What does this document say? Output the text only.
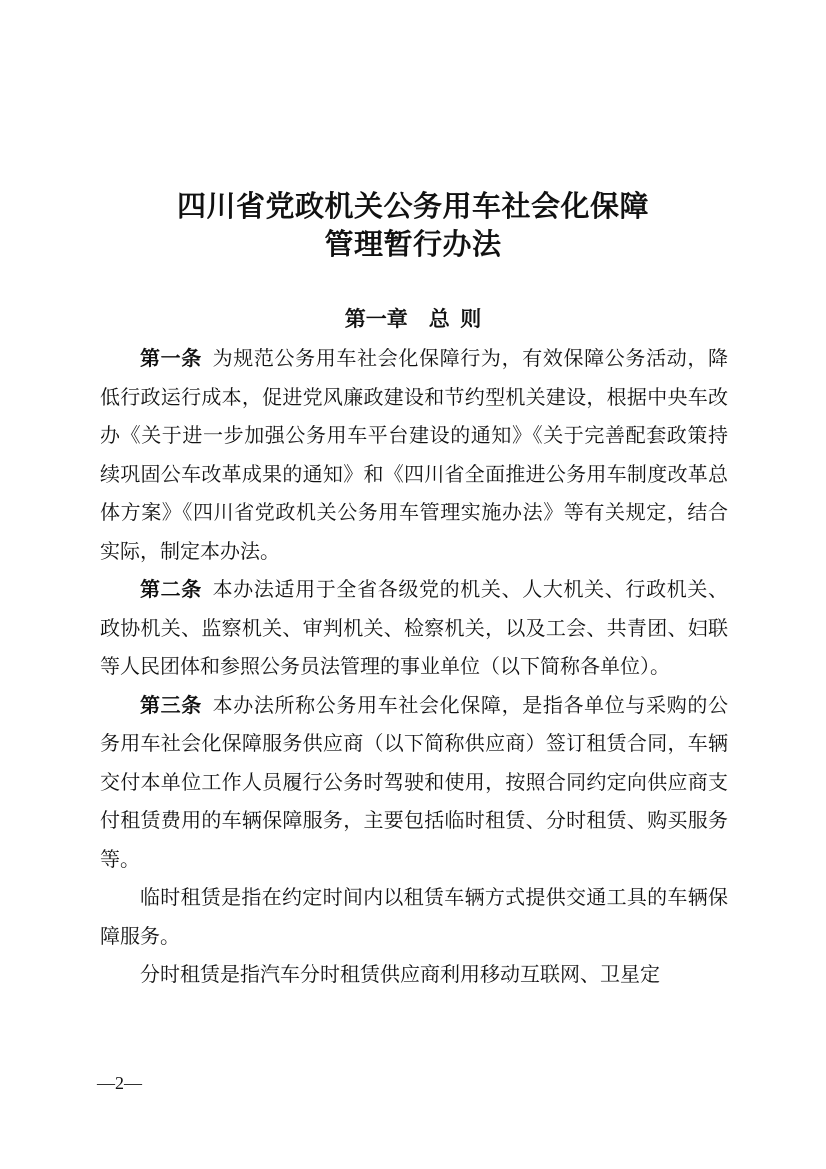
四川省党政机关公务用车社会化保障
管理暂行办法
第一章　总 则

第一条 为规范公务用车社会化保障行为，有效保障公务活动，降低行政运行成本，促进党风廉政建设和节约型机关建设，根据中央车改办《关于进一步加强公务用车平台建设的通知》《关于完善配套政策持续巩固公车改革成果的通知》和《四川省全面推进公务用车制度改革总体方案》《四川省党政机关公务用车管理实施办法》等有关规定，结合实际，制定本办法。

第二条 本办法适用于全省各级党的机关、人大机关、行政机关、政协机关、监察机关、审判机关、检察机关，以及工会、共青团、妇联等人民团体和参照公务员法管理的事业单位（以下简称各单位）。

第三条 本办法所称公务用车社会化保障，是指各单位与采购的公务用车社会化保障服务供应商（以下简称供应商）签订租赁合同，车辆交付本单位工作人员履行公务时驾驶和使用，按照合同约定向供应商支付租赁费用的车辆保障服务，主要包括临时租赁、分时租赁、购买服务等。

临时租赁是指在约定时间内以租赁车辆方式提供交通工具的车辆保障服务。

分时租赁是指汽车分时租赁供应商利用移动互联网、卫星定

—2—
